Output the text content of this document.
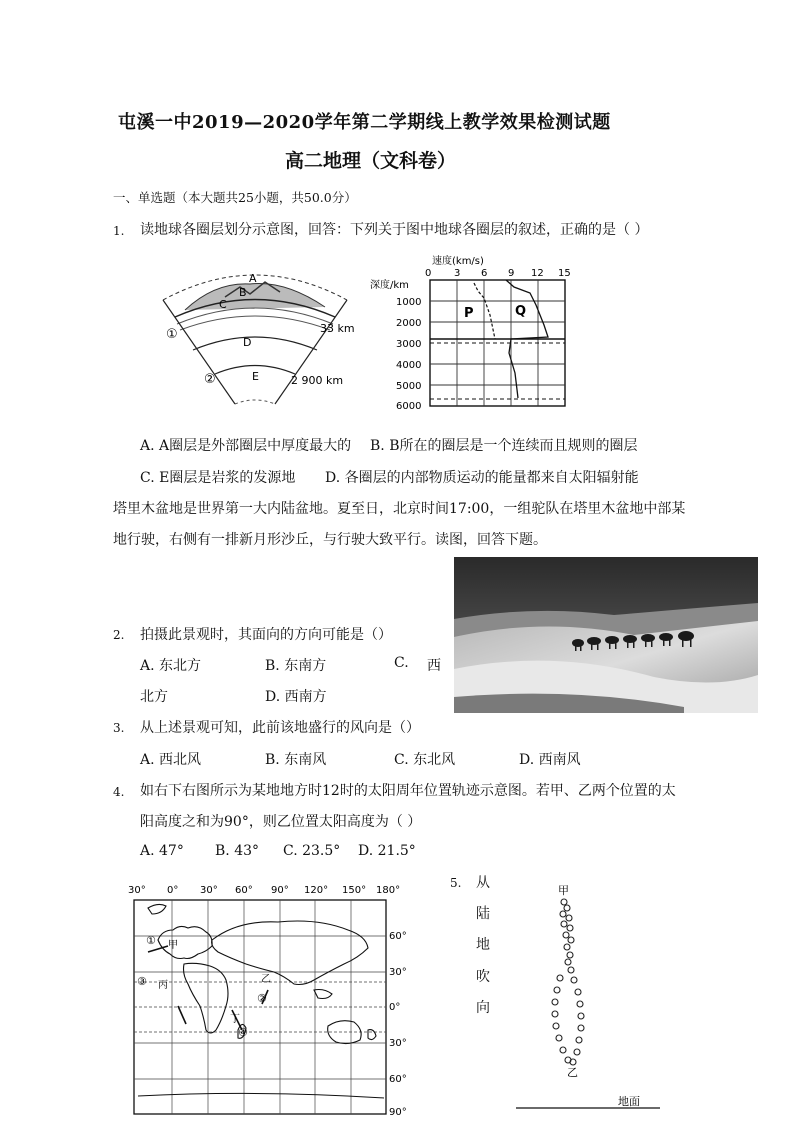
屯溪一中2019—2020学年第二学期线上教学效果检测试题
高二地理（文科卷）
一、单选题（本大题共25小题，共50.0分）
1. 读地球各圈层划分示意图，回答：下列关于图中地球各圈层的叙述，正确的是（ ）
A
B
C
D
E
①
②
33 km
2 900 km
速度(km/s)
0 3 6 9 12 15
深度/km
1000
2000
3000
4000
5000
6000
P	Q
A. A圈层是外部圈层中厚度最大的 B. B所在的圈层是一个连续而且规则的圈层
C. E圈层是岩浆的发源地 D. 各圈层的内部物质运动的能量都来自太阳辐射能
塔里木盆地是世界第一大内陆盆地。夏至日，北京时间17:00，一组驼队在塔里木盆地中部某
地行驶，右侧有一排新月形沙丘，与行驶大致平行。读图，回答下题。
2. 拍摄此景观时，其面向的方向可能是（）
A. 东北方	B. 东南方	C. 西
北方	D. 西南方
3. 从上述景观可知，此前该地盛行的风向是（）
A. 西北风	B. 东南风	C. 东北风	D. 西南风
4. 如右下右图所示为某地地方时12时的太阳周年位置轨迹示意图。若甲、乙两个位置的太
阳高度之和为90°，则乙位置太阳高度为（ ）
A. 47° B. 43° C. 23.5° D. 21.5°
30° 0° 30° 60° 90° 120° 150° 180°
①
②
③
④
甲
乙
丙
丁
60°
30°
0°
30°
60°
90°
5. 从
陆
地
吹
向
甲
乙
地面
